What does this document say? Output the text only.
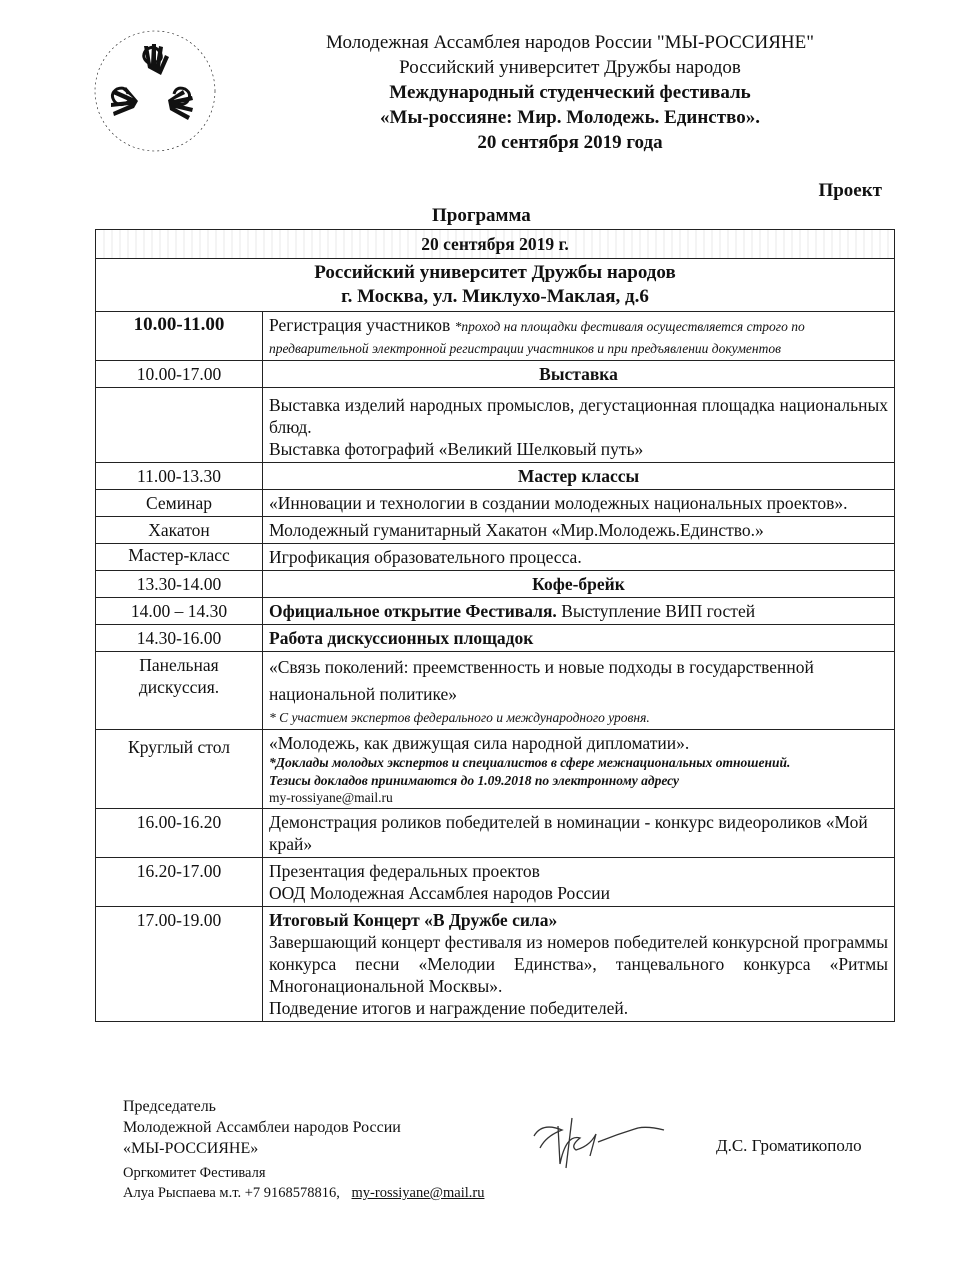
Молодежная Ассамблея народов России "МЫ-РОССИЯНЕ"
Российский университет Дружбы народов
Международный студенческий фестиваль
«Мы-россияне: Мир. Молодежь. Единство».
20 сентября 2019 года
Проект
Программа
20 сентября 2019 г.	

Российский университет Дружбы народов
г. Москва, ул. Миклухо-Маклая, д.6	

10.00-11.00	Регистрация участников *проход на площадки фестиваля осуществляется строго по предварительной электронной регистрации участников и при предъявлении документов
10.00-17.00	Выставка

	Выставка изделий народных промыслов, дегустационная площадка национальных блюд.
Выставка фотографий «Великий Шелковый путь»

11.00-13.30	Мастер классы
Семинар	«Инновации и технологии в создании молодежных национальных проектов».
Хакатон	Молодежный гуманитарный Хакатон «Мир.Молодежь.Единство.»
Мастер-класс	Игрофикация образовательного процесса.
13.30-14.00	Кофе-брейк
14.00 – 14.30	Официальное открытие Фестиваля. Выступление ВИП гостей
14.30-16.00	Работа дискуссионных площадок
Панельная дискуссия.	«Связь поколений: преемственность и новые подходы в государственной национальной политике»
* С участием экспертов федерального и международного уровня.

Круглый стол	«Молодежь, как движущая сила народной дипломатии».
*Доклады молодых экспертов и специалистов в сфере межнациональных отношений.
Тезисы докладов принимаются до 1.09.2018 по электронному адресу
my-rossiyane@mail.ru

16.00-16.20	Демонстрация роликов победителей в номинации - конкурс видеороликов «Мой край»
16.20-17.00	Презентация федеральных проектов
ООД Молодежная Ассамблея народов России

17.00-19.00	Итоговый Концерт «В Дружбе сила»
Завершающий концерт фестиваля из номеров победителей конкурсной программы конкурса песни «Мелодии Единства», танцевального конкурса «Ритмы Многонациональной Москвы».
Подведение итогов и награждение победителей.
Председатель
Молодежной Ассамблеи народов России
«МЫ-РОССИЯНЕ»
Оргкомитет Фестиваля
Алуа Рыспаева м.т. +7 9168578816, my-rossiyane@mail.ru
Д.С. Громатикополо
